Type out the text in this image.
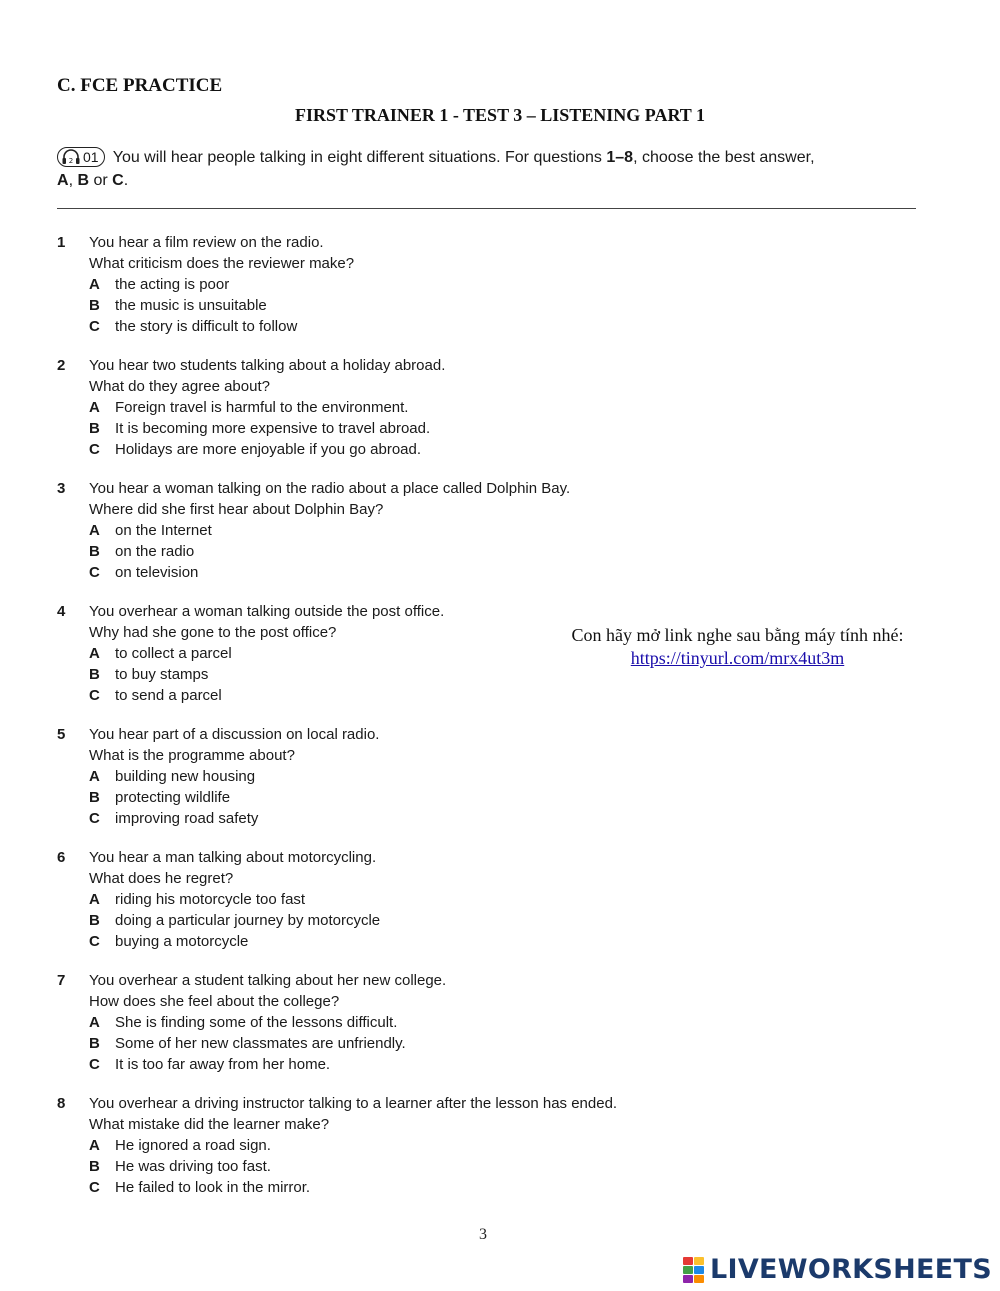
C. FCE PRACTICE
FIRST TRAINER 1 - TEST 3 – LISTENING PART 1
2 01 You will hear people talking in eight different situations. For questions 1–8, choose the best answer,
A, B or C.
1	You hear a film review on the radio.
What criticism does the reviewer make?
A	the acting is poor
B	the music is unsuitable
C	the story is difficult to follow
2	You hear two students talking about a holiday abroad.
What do they agree about?
A	Foreign travel is harmful to the environment.
B	It is becoming more expensive to travel abroad.
C	Holidays are more enjoyable if you go abroad.
3	You hear a woman talking on the radio about a place called Dolphin Bay.
Where did she first hear about Dolphin Bay?
A	on the Internet
B	on the radio
C	on television
4	You overhear a woman talking outside the post office.
Why had she gone to the post office?
A	to collect a parcel
B	to buy stamps
C	to send a parcel
5	You hear part of a discussion on local radio.
What is the programme about?
A	building new housing
B	protecting wildlife
C	improving road safety
6	You hear a man talking about motorcycling.
What does he regret?
A	riding his motorcycle too fast
B	doing a particular journey by motorcycle
C	buying a motorcycle
7	You overhear a student talking about her new college.
How does she feel about the college?
A	She is finding some of the lessons difficult.
B	Some of her new classmates are unfriendly.
C	It is too far away from her home.
8	You overhear a driving instructor talking to a learner after the lesson has ended.
What mistake did the learner make?
A	He ignored a road sign.
B	He was driving too fast.
C	He failed to look in the mirror.
Con hãy mở link nghe sau bằng máy tính nhé:
https://tinyurl.com/mrx4ut3m
3
LIVEWORKSHEETS
